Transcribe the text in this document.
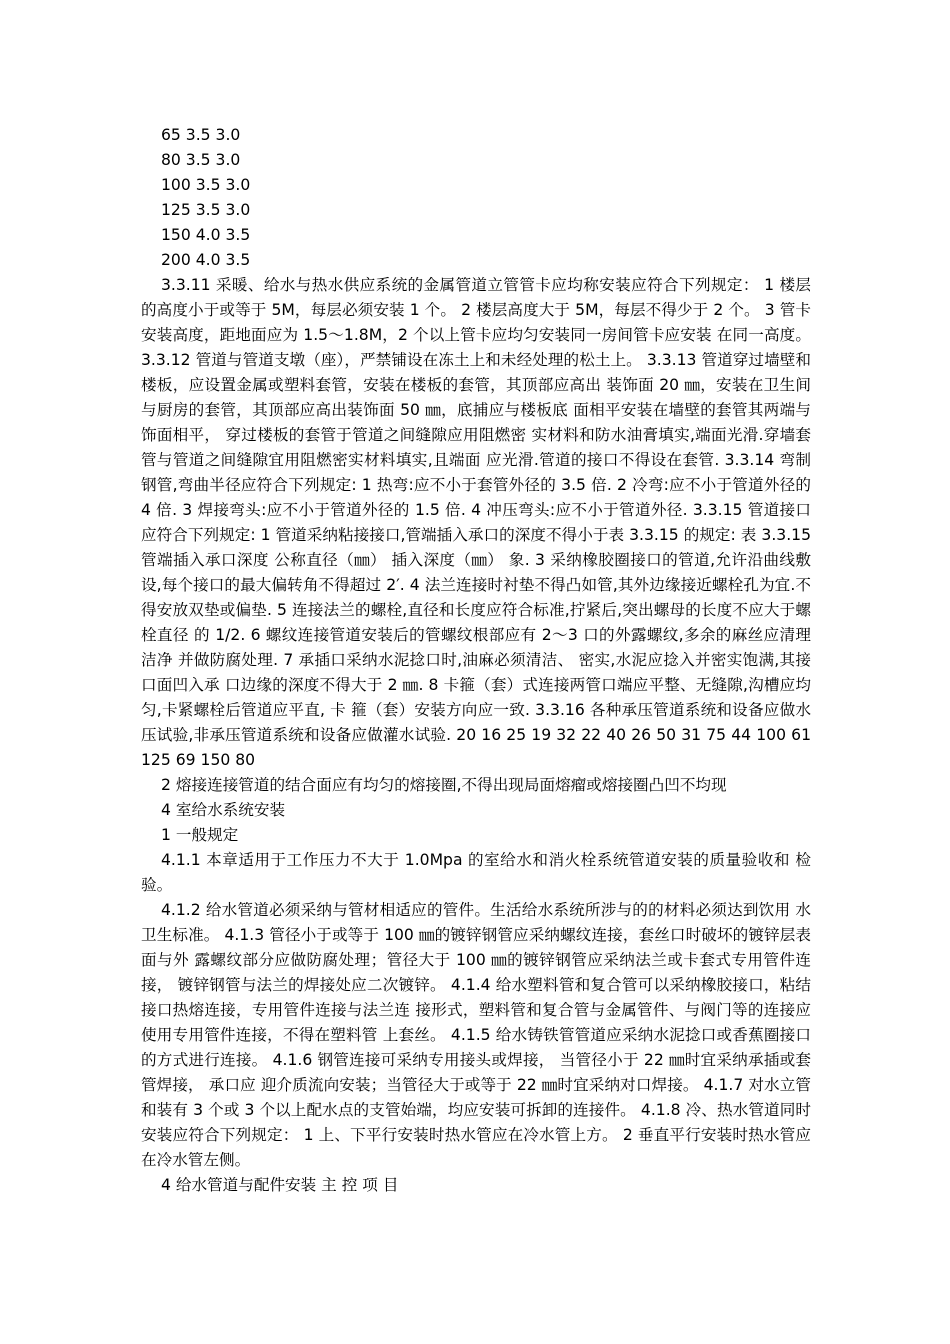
65 3.5 3.0

80 3.5 3.0

100 3.5 3.0

125 3.5 3.0

150 4.0 3.5

200 4.0 3.5

3.3.11 采暖、给水与热水供应系统的金属管道立管管卡应均称安装应符合下列规定： 1 楼层的高度小于或等于 5M，每层必须安装 1 个。 2 楼层高度大于 5M，每层不得少于 2 个。 3 管卡安装高度，距地面应为 1.5～1.8M，2 个以上管卡应均匀安装同一房间管卡应安装 在同一高度。 3.3.12 管道与管道支墩（座），严禁铺设在冻土上和未经处理的松土上。 3.3.13 管道穿过墙壁和楼板，应设置金属或塑料套管，安装在楼板的套管，其顶部应高出 装饰面 20 ㎜，安装在卫生间与厨房的套管，其顶部应高出装饰面 50 ㎜，底捕应与楼板底 面相平安装在墙壁的套管其两端与饰面相平， 穿过楼板的套管于管道之间缝隙应用阻燃密 实材料和防水油膏填实,端面光滑.穿墙套管与管道之间缝隙宜用阻燃密实材料填实,且端面 应光滑.管道的接口不得设在套管. 3.3.14 弯制钢管,弯曲半径应符合下列规定: 1 热弯:应不小于套管外径的 3.5 倍. 2 冷弯:应不小于管道外径的 4 倍. 3 焊接弯头:应不小于管道外径的 1.5 倍. 4 冲压弯头:应不小于管道外径. 3.3.15 管道接口应符合下列规定: 1 管道采纳粘接接口,管端插入承口的深度不得小于表 3.3.15 的规定: 表 3.3.15 管端插入承口深度 公称直径（㎜） 插入深度（㎜） 象. 3 采纳橡胶圈接口的管道,允许沿曲线敷设,每个接口的最大偏转角不得超过 2′. 4 法兰连接时衬垫不得凸如管,其外边缘接近螺栓孔为宜.不得安放双垫或偏垫. 5 连接法兰的螺栓,直径和长度应符合标准,拧紧后,突出螺母的长度不应大于螺栓直径 的 1/2. 6 螺纹连接管道安装后的管螺纹根部应有 2～3 口的外露螺纹,多余的麻丝应清理洁净 并做防腐处理. 7 承插口采纳水泥捻口时,油麻必须清洁、 密实,水泥应捻入并密实饱满,其接口面凹入承 口边缘的深度不得大于 2 ㎜. 8 卡箍（套）式连接两管口端应平整、无缝隙,沟槽应均匀,卡紧螺栓后管道应平直, 卡 箍（套）安装方向应一致. 3.3.16 各种承压管道系统和设备应做水压试验,非承压管道系统和设备应做灌水试验. 20 16 25 19 32 22 40 26 50 31 75 44 100 61 125 69 150 80

2 熔接连接管道的结合面应有均匀的熔接圈,不得出现局面熔瘤或熔接圈凸凹不均现

4 室给水系统安装

1 一般规定

4.1.1 本章适用于工作压力不大于 1.0Mpa 的室给水和消火栓系统管道安装的质量验收和 检验。

4.1.2 给水管道必须采纳与管材相适应的管件。生活给水系统所涉与的的材料必须达到饮用 水卫生标准。 4.1.3 管径小于或等于 100 ㎜的镀锌钢管应采纳螺纹连接，套丝口时破坏的镀锌层表面与外 露螺纹部分应做防腐处理；管径大于 100 ㎜的镀锌钢管应采纳法兰或卡套式专用管件连接， 镀锌钢管与法兰的焊接处应二次镀锌。 4.1.4 给水塑料管和复合管可以采纳橡胶接口，粘结接口热熔连接，专用管件连接与法兰连 接形式，塑料管和复合管与金属管件、与阀门等的连接应使用专用管件连接，不得在塑料管 上套丝。 4.1.5 给水铸铁管管道应采纳水泥捻口或香蕉圈接口的方式进行连接。 4.1.6 钢管连接可采纳专用接头或焊接， 当管径小于 22 ㎜时宜采纳承插或套管焊接， 承口应 迎介质流向安装；当管径大于或等于 22 ㎜时宜采纳对口焊接。 4.1.7 对水立管和装有 3 个或 3 个以上配水点的支管始端，均应安装可拆卸的连接件。 4.1.8 冷、热水管道同时安装应符合下列规定： 1 上、下平行安装时热水管应在冷水管上方。 2 垂直平行安装时热水管应在冷水管左侧。

4 给水管道与配件安装 主 控 项 目
